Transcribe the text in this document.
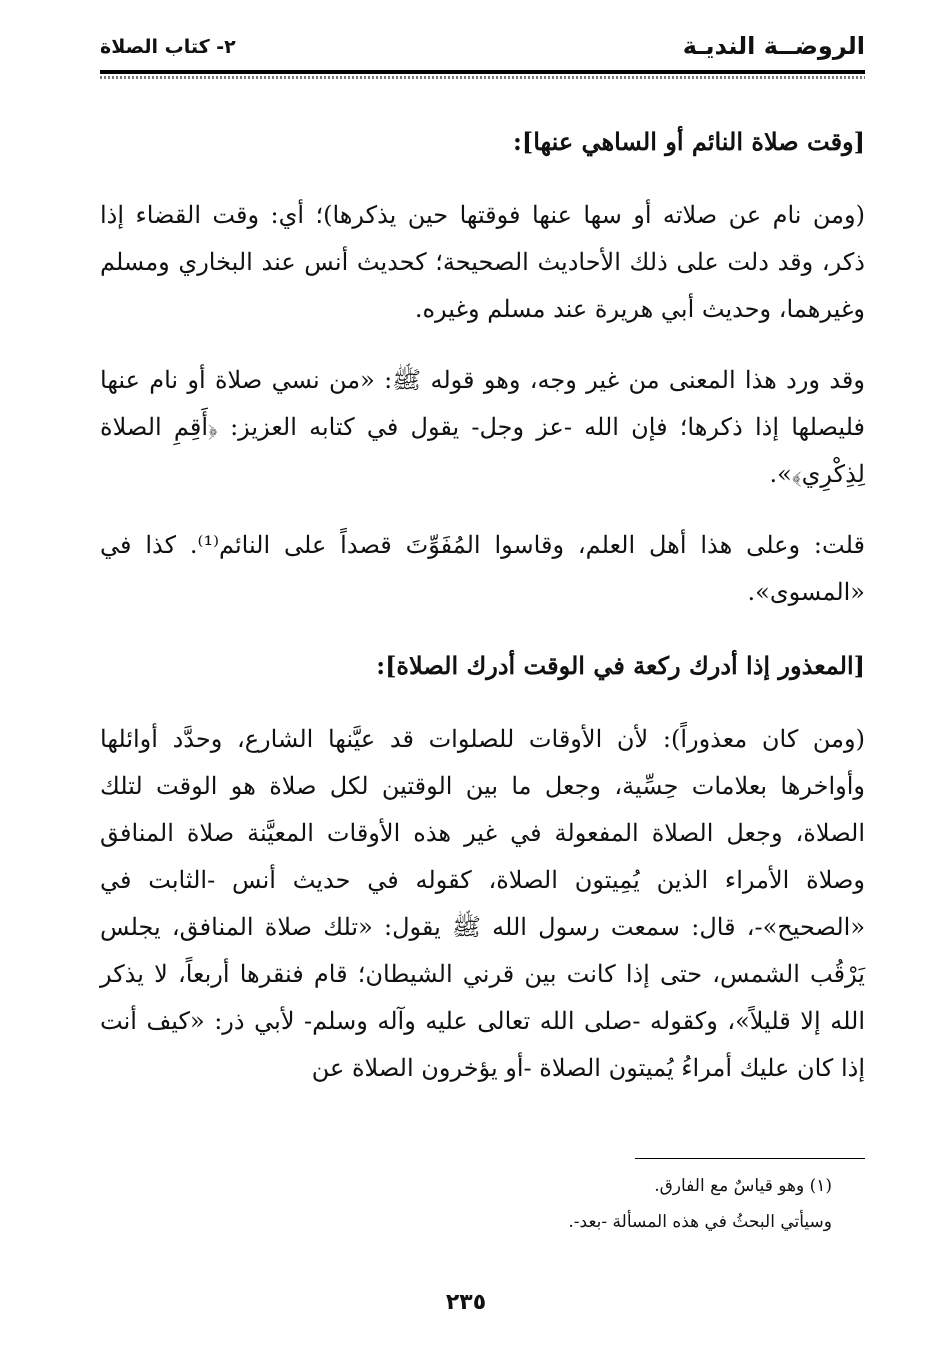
الروضــة النديـة
٢- كتاب الصلاة

[وقت صلاة النائم أو الساهي عنها]:

(ومن نام عن صلاته أو سها عنها فوقتها حين يذكرها)؛ أي: وقت القضاء إذا ذكر، وقد دلت على ذلك الأحاديث الصحيحة؛ كحديث أنس عند البخاري ومسلم وغيرهما، وحديث أبي هريرة عند مسلم وغيره.

وقد ورد هذا المعنى من غير وجه، وهو قوله ﷺ: «من نسي صلاة أو نام عنها فليصلها إذا ذكرها؛ فإن الله -عز وجل- يقول في كتابه العزيز: ﴿أَقِمِ الصلاة لِذِكْرِي﴾».

قلت: وعلى هذا أهل العلم، وقاسوا المُفَوِّتَ قصداً على النائم⁽¹⁾. كذا في «المسوى».

[المعذور إذا أدرك ركعة في الوقت أدرك الصلاة]:

(ومن كان معذوراً): لأن الأوقات للصلوات قد عيَّنها الشارع، وحدَّد أوائلها وأواخرها بعلامات حِسِّية، وجعل ما بين الوقتين لكل صلاة هو الوقت لتلك الصلاة، وجعل الصلاة المفعولة في غير هذه الأوقات المعيَّنة صلاة المنافق وصلاة الأمراء الذين يُمِيتون الصلاة، كقوله في حديث أنس -الثابت في «الصحيح»-، قال: سمعت رسول الله ﷺ يقول: «تلك صلاة المنافق، يجلس يَرْقُب الشمس، حتى إذا كانت بين قرني الشيطان؛ قام فنقرها أربعاً، لا يذكر الله إلا قليلاً»، وكقوله -صلى الله تعالى عليه وآله وسلم- لأبي ذر: «كيف أنت إذا كان عليك أمراءُ يُميتون الصلاة -أو يؤخرون الصلاة عن

(١) وهو قياسٌ مع الفارق.

وسيأتي البحثُ في هذه المسألة -بعد-.

٢٣٥
